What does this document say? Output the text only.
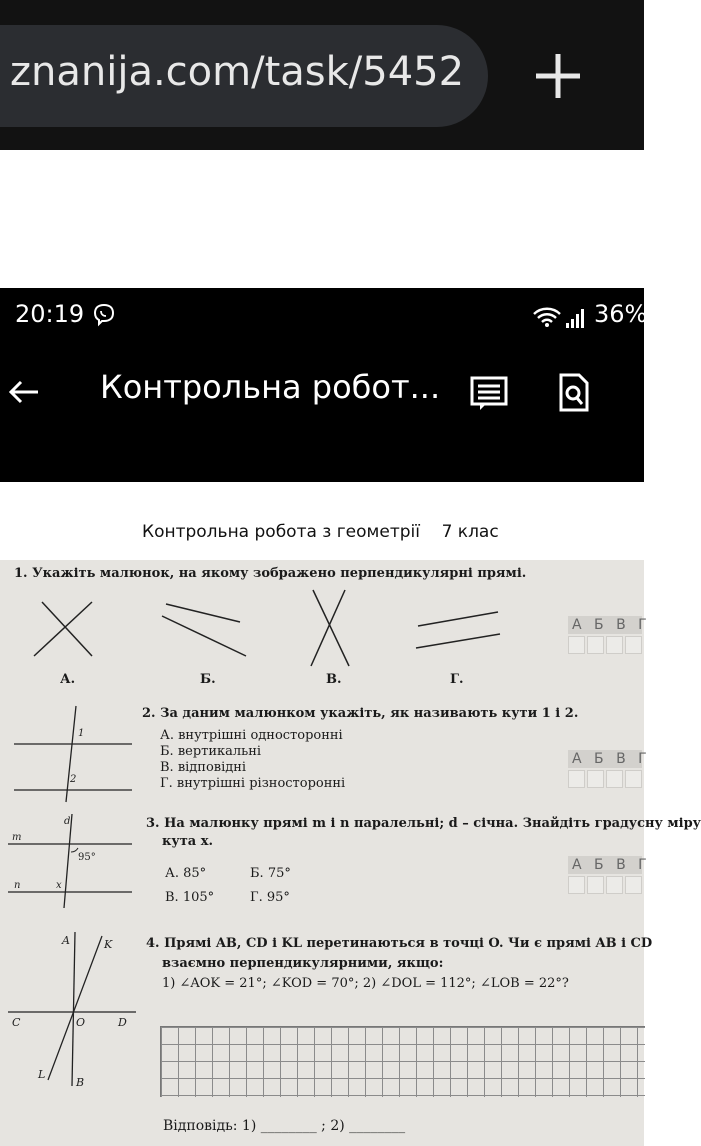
znanija.com/task/5452
20:19	36%
Контрольна робот...
Контрольна робота з геометрії    7 клас
1. Укажіть малюнок, на якому зображено перпендикулярні прямі.
А.	Б.	В.	Г.
А Б В Г
1
2
2. За даним малюнком укажіть, як називають кути 1 і 2.
А. внутрішні односторонні
Б. вертикальні
В. відповідні
Г. внутрішні різносторонні
А Б В Г
d
m
95°
n	x
3. На малюнку прямі m і n паралельні; d – січна. Знайдіть градусну міру
кута x.
А. 85°	Б. 75°
В. 105°	Г. 95°
А Б В Г
A	K
C	O	D
L
B
4. Прямі AB, CD і KL перетинаються в точці O. Чи є прямі AB і CD
взаємно перпендикулярними, якщо:
1) ∠AOK = 21°; ∠KOD = 70°; 2) ∠DOL = 112°; ∠LOB = 22°?
Відповідь: 1) ________ ; 2) ________
